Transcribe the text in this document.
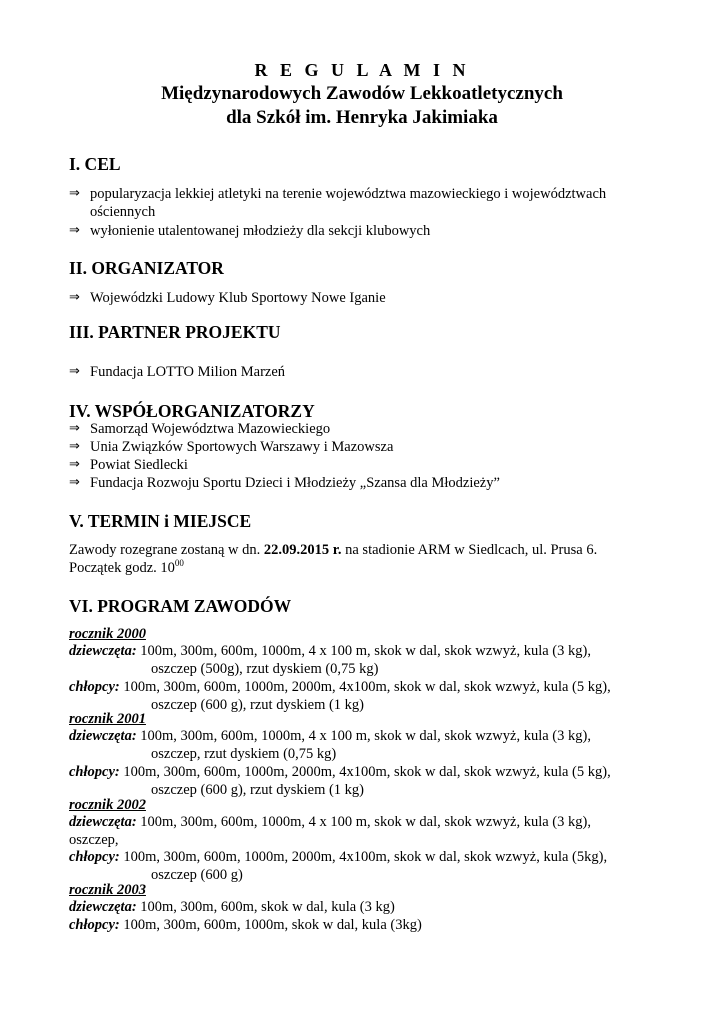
R E G U L A M I N
Międzynarodowych Zawodów Lekkoatletycznych
dla Szkół im. Henryka Jakimiaka
I. CEL
⇒ popularyzacja lekkiej atletyki na terenie województwa mazowieckiego i województwach ościennych
⇒ wyłonienie utalentowanej młodzieży dla sekcji klubowych
II. ORGANIZATOR
⇒ Wojewódzki Ludowy Klub Sportowy Nowe Iganie
III. PARTNER PROJEKTU
⇒ Fundacja LOTTO Milion Marzeń
IV. WSPÓŁORGANIZATORZY
⇒ Samorząd Województwa Mazowieckiego
⇒ Unia Związków Sportowych Warszawy i Mazowsza
⇒ Powiat Siedlecki
⇒ Fundacja Rozwoju Sportu Dzieci i Młodzieży „Szansa dla Młodzieży”
V. TERMIN i MIEJSCE
Zawody rozegrane zostaną w dn. 22.09.2015 r. na stadionie ARM w Siedlcach, ul. Prusa 6.
Początek godz. $10^{00}$
VI. PROGRAM ZAWODÓW
rocznik 2000
dziewczęta: 100m, 300m, 600m, 1000m, 4 x 100 m, skok w dal, skok wzwyż, kula (3 kg),
oszczep (500g), rzut dyskiem (0,75 kg)
chłopcy: 100m, 300m, 600m, 1000m, 2000m, 4x100m, skok w dal, skok wzwyż, kula (5 kg),
oszczep (600 g), rzut dyskiem (1 kg)
rocznik 2001
dziewczęta: 100m, 300m, 600m, 1000m, 4 x 100 m, skok w dal, skok wzwyż, kula (3 kg),
oszczep, rzut dyskiem (0,75 kg)
chłopcy: 100m, 300m, 600m, 1000m, 2000m, 4x100m, skok w dal, skok wzwyż, kula (5 kg),
oszczep (600 g), rzut dyskiem (1 kg)
rocznik 2002
dziewczęta: 100m, 300m, 600m, 1000m, 4 x 100 m, skok w dal, skok wzwyż, kula (3 kg),
oszczep,
chłopcy: 100m, 300m, 600m, 1000m, 2000m, 4x100m, skok w dal, skok wzwyż, kula (5kg),
oszczep (600 g)
rocznik 2003
dziewczęta: 100m, 300m, 600m, skok w dal, kula (3 kg)
chłopcy: 100m, 300m, 600m, 1000m, skok w dal, kula (3kg)
